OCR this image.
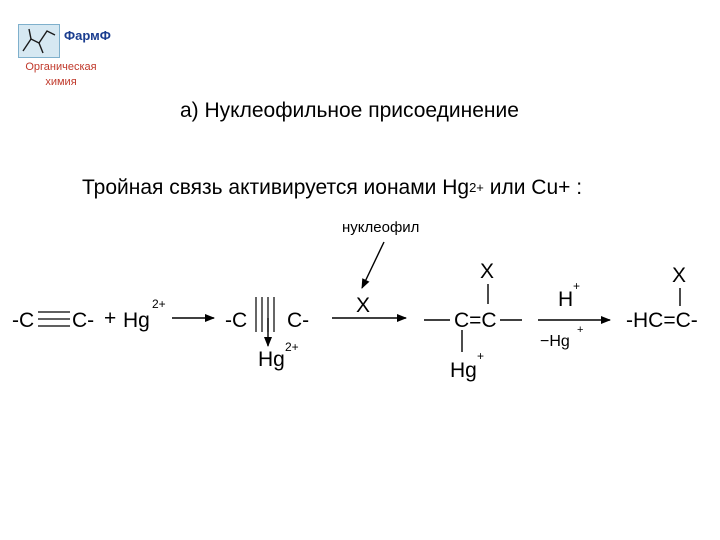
ФармФ
Органическая
химия
а) Нуклеофильное присоединение
Тройная связь активируется ионами $Hg^{2+}$ или Cu+ :
-C C- + Hg
2+
-C C-
Hg
2+
нуклеофил
X
X
C=C
Hg
+
H
+
−Hg
+
X
-HC=C-
